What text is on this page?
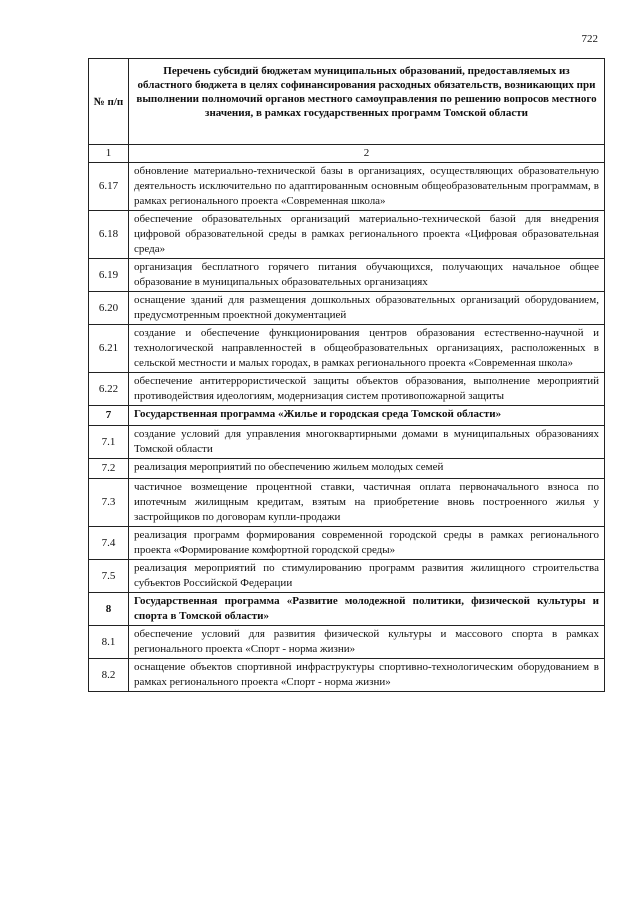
722
№ п/п	Перечень субсидий бюджетам муниципальных образований, предоставляемых из областного бюджета в целях софинансирования расходных обязательств, возникающих при выполнении полномочий органов местного самоуправления по решению вопросов местного значения, в рамках государственных программ Томской области
1	2
6.17	обновление материально-технической базы в организациях, осуществляющих образовательную деятельность исключительно по адаптированным основным общеобразовательным программам, в рамках регионального проекта «Современная школа»
6.18	обеспечение образовательных организаций материально-технической базой для внедрения цифровой образовательной среды в рамках регионального проекта «Цифровая образовательная среда»
6.19	организация бесплатного горячего питания обучающихся, получающих начальное общее образование в муниципальных образовательных организациях
6.20	оснащение зданий для размещения дошкольных образовательных организаций оборудованием, предусмотренным проектной документацией
6.21	создание и обеспечение функционирования центров образования естественно-научной и технологической направленностей в общеобразовательных организациях, расположенных в сельской местности и малых городах, в рамках регионального проекта «Современная школа»
6.22	обеспечение антитеррористической защиты объектов образования, выполнение мероприятий противодействия идеологиям, модернизация систем противопожарной защиты
7	Государственная программа «Жилье и городская среда Томской области»
7.1	создание условий для управления многоквартирными домами в муниципальных образованиях Томской области
7.2	реализация мероприятий по обеспечению жильем молодых семей
7.3	частичное возмещение процентной ставки, частичная оплата первоначального взноса по ипотечным жилищным кредитам, взятым на приобретение вновь построенного жилья у застройщиков по договорам купли-продажи
7.4	реализация программ формирования современной городской среды в рамках регионального проекта «Формирование комфортной городской среды»
7.5	реализация мероприятий по стимулированию программ развития жилищного строительства субъектов Российской Федерации
8	Государственная программа «Развитие молодежной политики, физической культуры и спорта в Томской области»
8.1	обеспечение условий для развития физической культуры и массового спорта в рамках регионального проекта «Спорт - норма жизни»
8.2	оснащение объектов спортивной инфраструктуры спортивно-технологическим оборудованием в рамках регионального проекта «Спорт - норма жизни»
